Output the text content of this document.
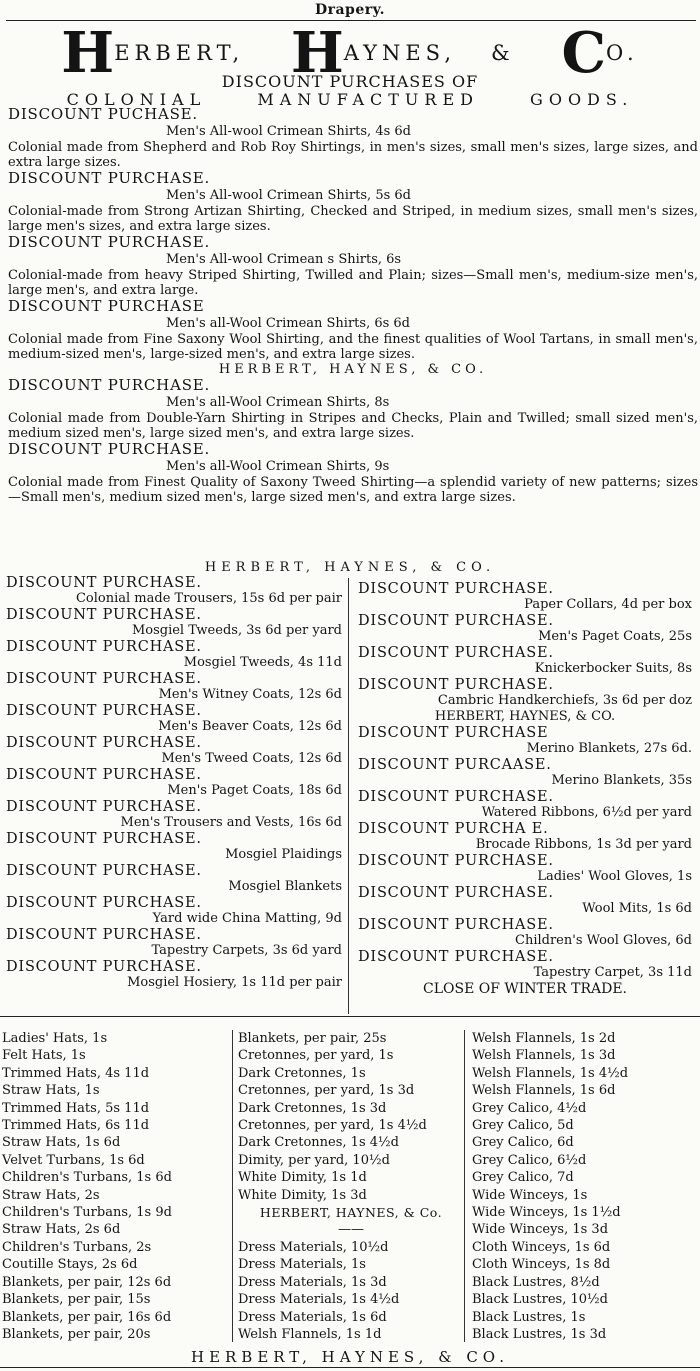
Drapery.
HERBERT, HAYNES, & CO.
DISCOUNT PURCHASES OF
COLONIAL MANUFACTURED GOODS.
DISCOUNT PUCHASE.
Men's All-wool Crimean Shirts, 4s 6d
Colonial made from Shepherd and Rob Roy Shirtings, in men's sizes, small men's sizes, large sizes, and extra large sizes.
DISCOUNT PURCHASE.
Men's All-wool Crimean Shirts, 5s 6d
Colonial-made from Strong Artizan Shirting, Checked and Striped, in medium sizes, small men's sizes, large men's sizes, and extra large sizes.
DISCOUNT PURCHASE.
Men's All-wool Crimean s Shirts, 6s
Colonial-made from heavy Striped Shirting, Twilled and Plain; sizes—Small men's, medium-size men's, large men's, and extra large.
DISCOUNT PURCHASE
Men's all-Wool Crimean Shirts, 6s 6d
Colonial made from Fine Saxony Wool Shirting, and the finest qualities of Wool Tartans, in small men's, medium-sized men's, large-sized men's, and extra large sizes.
HERBERT, HAYNES, & CO.
DISCOUNT PURCHASE.
Men's all-Wool Crimean Shirts, 8s
Colonial made from Double-Yarn Shirting in Stripes and Checks, Plain and Twilled; small sized men's, medium sized men's, large sized men's, and extra large sizes.
DISCOUNT PURCHASE.
Men's all-Wool Crimean Shirts, 9s
Colonial made from Finest Quality of Saxony Tweed Shirting—a splendid variety of new patterns; sizes—Small men's, medium sized men's, large sized men's, and extra large sizes.
HERBERT, HAYNES, & CO.
DISCOUNT PURCHASE.
Colonial made Trousers, 15s 6d per pair
DISCOUNT PURCHASE.
Mosgiel Tweeds, 3s 6d per yard
DISCOUNT PURCHASE.
Mosgiel Tweeds, 4s 11d
DISCOUNT PURCHASE.
Men's Witney Coats, 12s 6d
DISCOUNT PURCHASE.
Men's Beaver Coats, 12s 6d
DISCOUNT PURCHASE.
Men's Tweed Coats, 12s 6d
DISCOUNT PURCHASE.
Men's Paget Coats, 18s 6d
DISCOUNT PURCHASE.
Men's Trousers and Vests, 16s 6d
DISCOUNT PURCHASE.
Mosgiel Plaidings
DISCOUNT PURCHASE.
Mosgiel Blankets
DISCOUNT PURCHASE.
Yard wide China Matting, 9d
DISCOUNT PURCHASE.
Tapestry Carpets, 3s 6d yard
DISCOUNT PURCHASE.
Mosgiel Hosiery, 1s 11d per pair
DISCOUNT PURCHASE.
Paper Collars, 4d per box
DISCOUNT PURCHASE.
Men's Paget Coats, 25s
DISCOUNT PURCHASE.
Knickerbocker Suits, 8s
DISCOUNT PURCHASE.
Cambric Handkerchiefs, 3s 6d per doz
HERBERT, HAYNES, & CO.
DISCOUNT PURCHASE
Merino Blankets, 27s 6d.
DISCOUNT PURCAASE.
Merino Blankets, 35s
DISCOUNT PURCHASE.
Watered Ribbons, 6½d per yard
DISCOUNT PURCHA E.
Brocade Ribbons, 1s 3d per yard
DISCOUNT PURCHASE.
Ladies' Wool Gloves, 1s
DISCOUNT PURCHASE.
Wool Mits, 1s 6d
DISCOUNT PURCHASE.
Children's Wool Gloves, 6d
DISCOUNT PURCHASE.
Tapestry Carpet, 3s 11d
CLOSE OF WINTER TRADE.
Ladies' Hats, 1s
Felt Hats, 1s
Trimmed Hats, 4s 11d
Straw Hats, 1s
Trimmed Hats, 5s 11d
Trimmed Hats, 6s 11d
Straw Hats, 1s 6d
Velvet Turbans, 1s 6d
Children's Turbans, 1s 6d
Straw Hats, 2s
Children's Turbans, 1s 9d
Straw Hats, 2s 6d
Children's Turbans, 2s
Coutille Stays, 2s 6d
Blankets, per pair, 12s 6d
Blankets, per pair, 15s
Blankets, per pair, 16s 6d
Blankets, per pair, 20s
Blankets, per pair, 25s
Cretonnes, per yard, 1s
Dark Cretonnes, 1s
Cretonnes, per yard, 1s 3d
Dark Cretonnes, 1s 3d
Cretonnes, per yard, 1s 4½d
Dark Cretonnes, 1s 4½d
Dimity, per yard, 10½d
White Dimity, 1s 1d
White Dimity, 1s 3d
HERBERT, HAYNES, & Co.
——
Dress Materials, 10½d
Dress Materials, 1s
Dress Materials, 1s 3d
Dress Materials, 1s 4½d
Dress Materials, 1s 6d
Welsh Flannels, 1s 1d
Welsh Flannels, 1s 2d
Welsh Flannels, 1s 3d
Welsh Flannels, 1s 4½d
Welsh Flannels, 1s 6d
Grey Calico, 4½d
Grey Calico, 5d
Grey Calico, 6d
Grey Calico, 6½d
Grey Calico, 7d
Wide Winceys, 1s
Wide Winceys, 1s 1½d
Wide Winceys, 1s 3d
Cloth Winceys, 1s 6d
Cloth Winceys, 1s 8d
Black Lustres, 8½d
Black Lustres, 10½d
Black Lustres, 1s
Black Lustres, 1s 3d
HERBERT, HAYNES, & CO.
